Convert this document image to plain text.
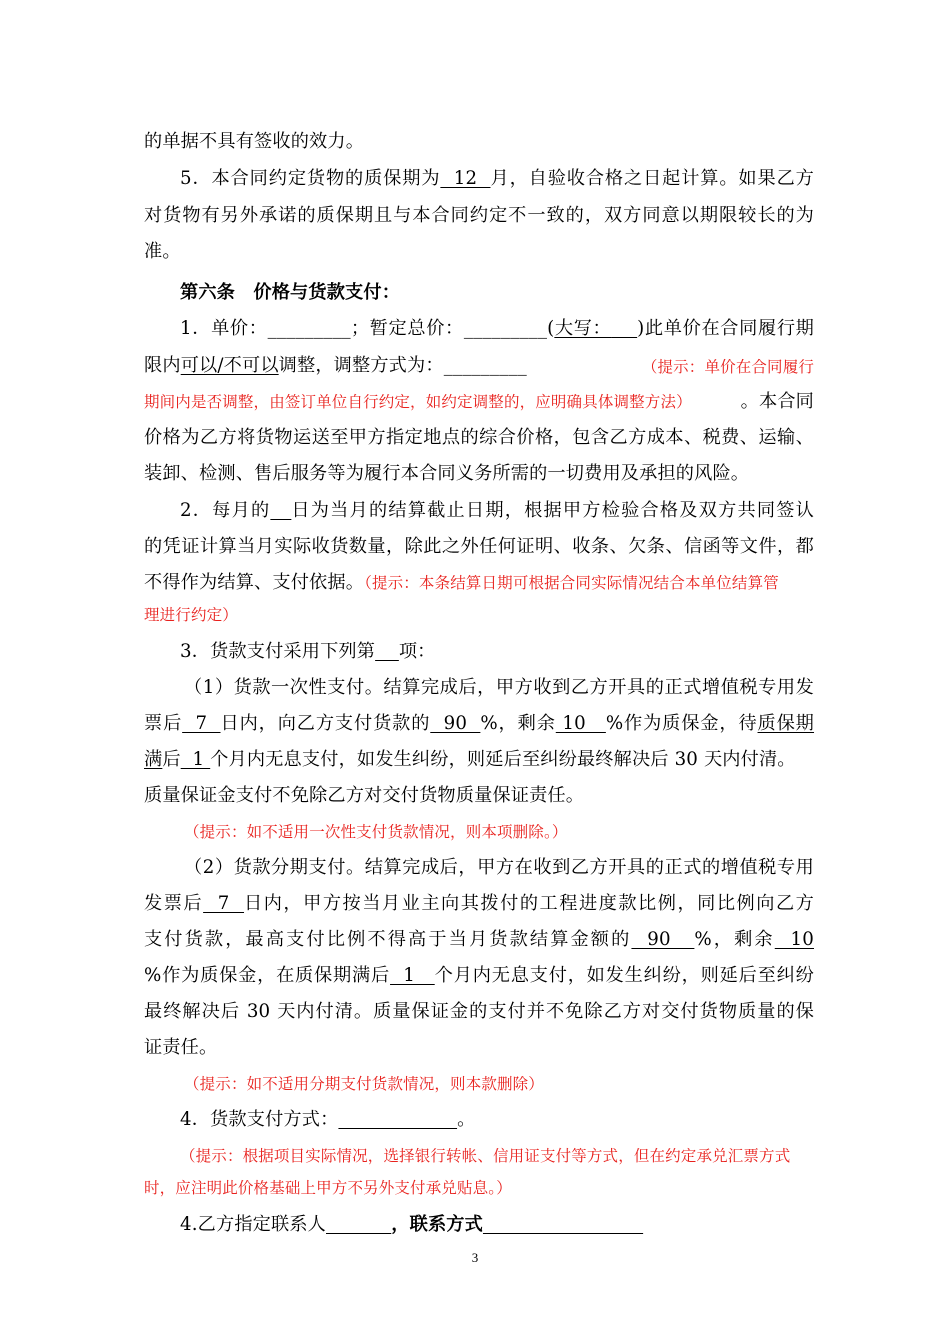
的单据不具有签收的效力。
5．本合同约定货物的质保期为  12  月，自验收合格之日起计算。如果乙方
对货物有另外承诺的质保期且与本合同约定不一致的，双方同意以期限较长的为
准。
第六条　价格与货款支付：
1．单价：_________；暂定总价：_________(大写： )此单价在合同履行期
限内可以/不可以调整，调整方式为：_________	（提示：单价在合同履行
期间内是否调整，由签订单位自行约定，如约定调整的，应明确具体调整方法）	。本合同
价格为乙方将货物运送至甲方指定地点的综合价格，包含乙方成本、税费、运输、
装卸、检测、售后服务等为履行本合同义务所需的一切费用及承担的风险。
2．每月的 日为当月的结算截止日期，根据甲方检验合格及双方共同签认
的凭证计算当月实际收货数量，除此之外任何证明、收条、欠条、信函等文件，都
不得作为结算、支付依据。（提示：本条结算日期可根据合同实际情况结合本单位结算管
理进行约定）
3．货款支付采用下列第 项：
（1）货款一次性支付。结算完成后，甲方收到乙方开具的正式增值税专用发
票后  7  日内，向乙方支付货款的  90  %，剩余 10   %作为质保金，待质保期
满后  1 个月内无息支付，如发生纠纷，则延后至纠纷最终解决后 30 天内付清。
质量保证金支付不免除乙方对交付货物质量保证责任。
（提示：如不适用一次性支付货款情况，则本项删除。）
（2）货款分期支付。结算完成后，甲方在收到乙方开具的正式的增值税专用
发票后  7  日内，甲方按当月业主向其拨付的工程进度款比例，同比例向乙方
支付货款，最高支付比例不得高于当月货款结算金额的  90   %，剩余  10
%作为质保金，在质保期满后  1   个月内无息支付，如发生纠纷，则延后至纠纷
最终解决后 30 天内付清。质量保证金的支付并不免除乙方对交付货物质量的保
证责任。
（提示：如不适用分期支付货款情况，则本款删除）
4．货款支付方式：	。
（提示：根据项目实际情况，选择银行转帐、信用证支付等方式，但在约定承兑汇票方式
时，应注明此价格基础上甲方不另外支付承兑贴息。）
4.乙方指定联系人	，联系方式
3
